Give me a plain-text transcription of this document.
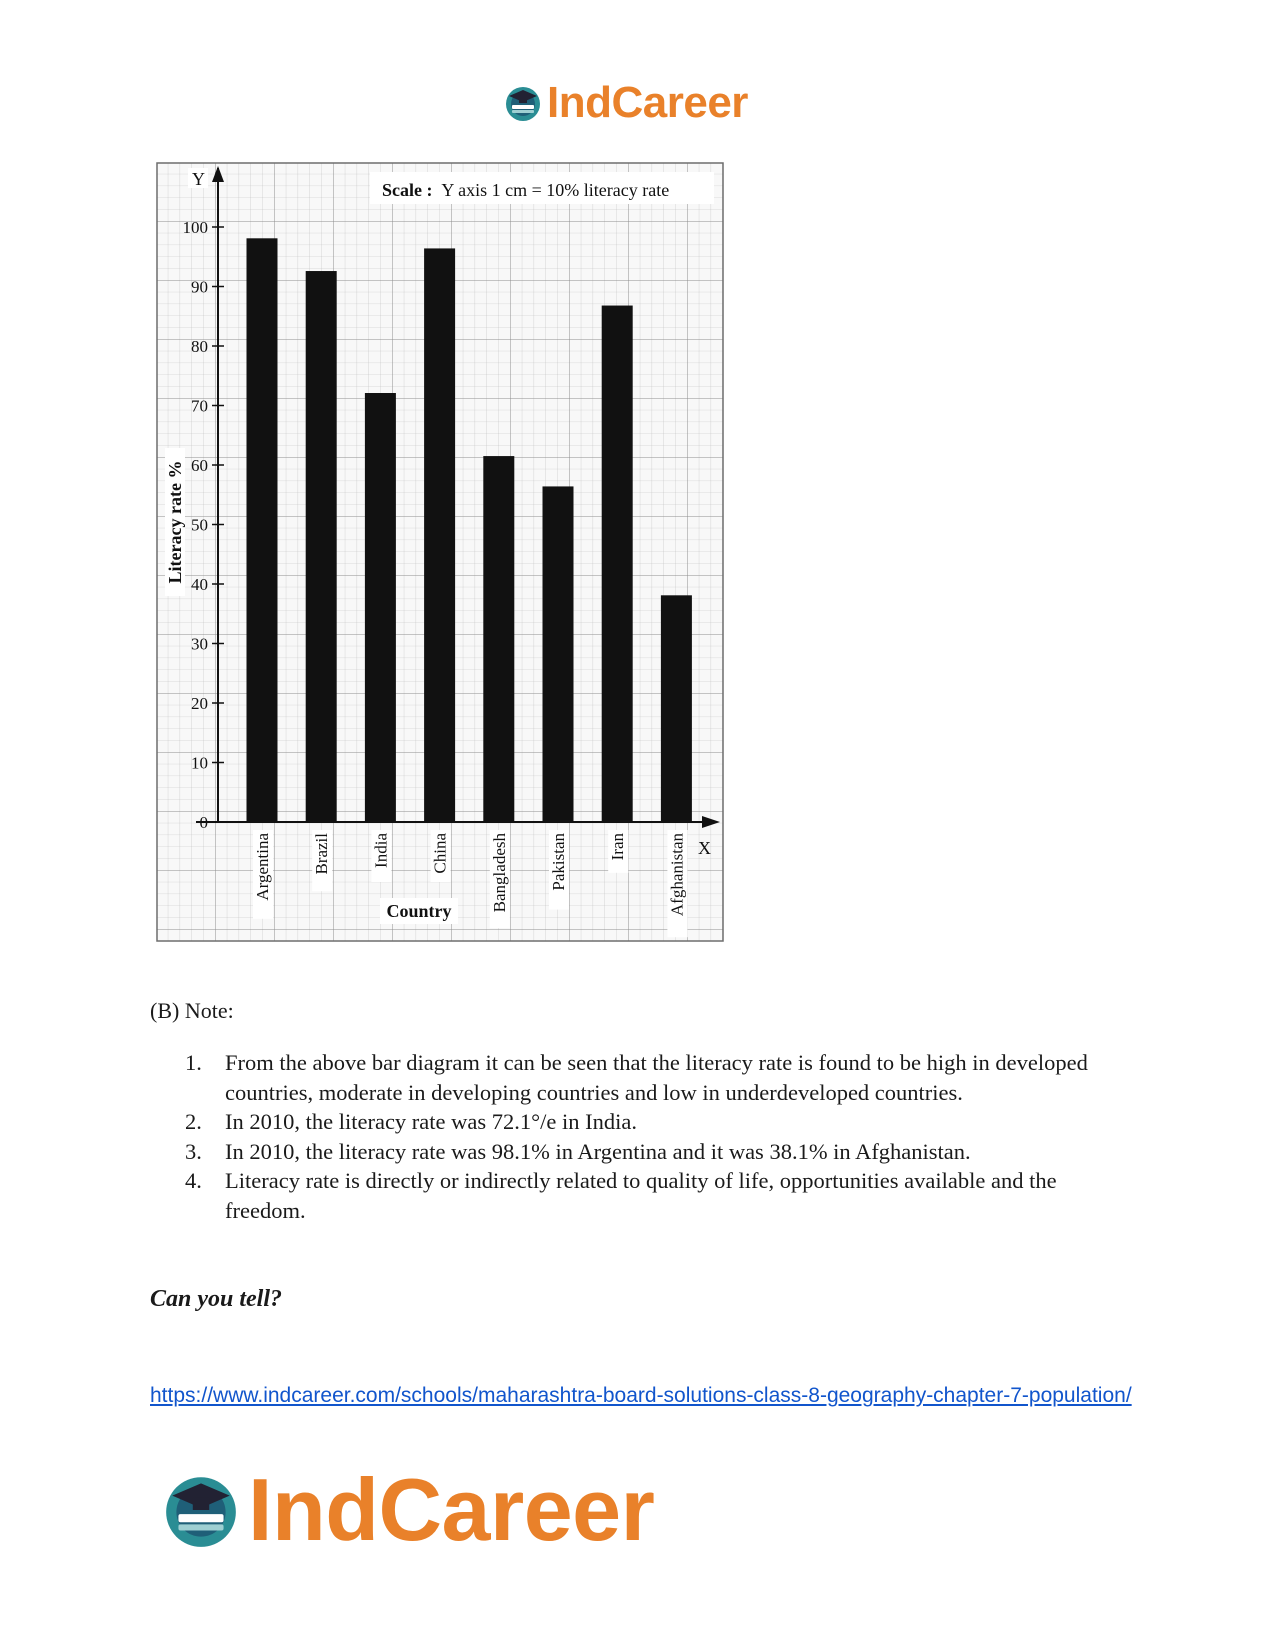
IndCareer
Scale : Y axis 1 cm = 10% literacy rate
Y
X
Literacy rate %
Country
0
10
20
30
40
50
60
70
80
90
100
Argentina Brazil India China Bangladesh Pakistan Iran Afghanistan
(B) Note:
1. From the above bar diagram it can be seen that the literacy rate is found to be high in developed countries, moderate in developing countries and low in underdeveloped countries.
2. In 2010, the literacy rate was 72.1°/e in India.
3. In 2010, the literacy rate was 98.1% in Argentina and it was 38.1% in Afghanistan.
4. Literacy rate is directly or indirectly related to quality of life, opportunities available and the freedom.
Can you tell?
https://www.indcareer.com/schools/maharashtra-board-solutions-class-8-geography-chapter-7-population/
IndCareer
